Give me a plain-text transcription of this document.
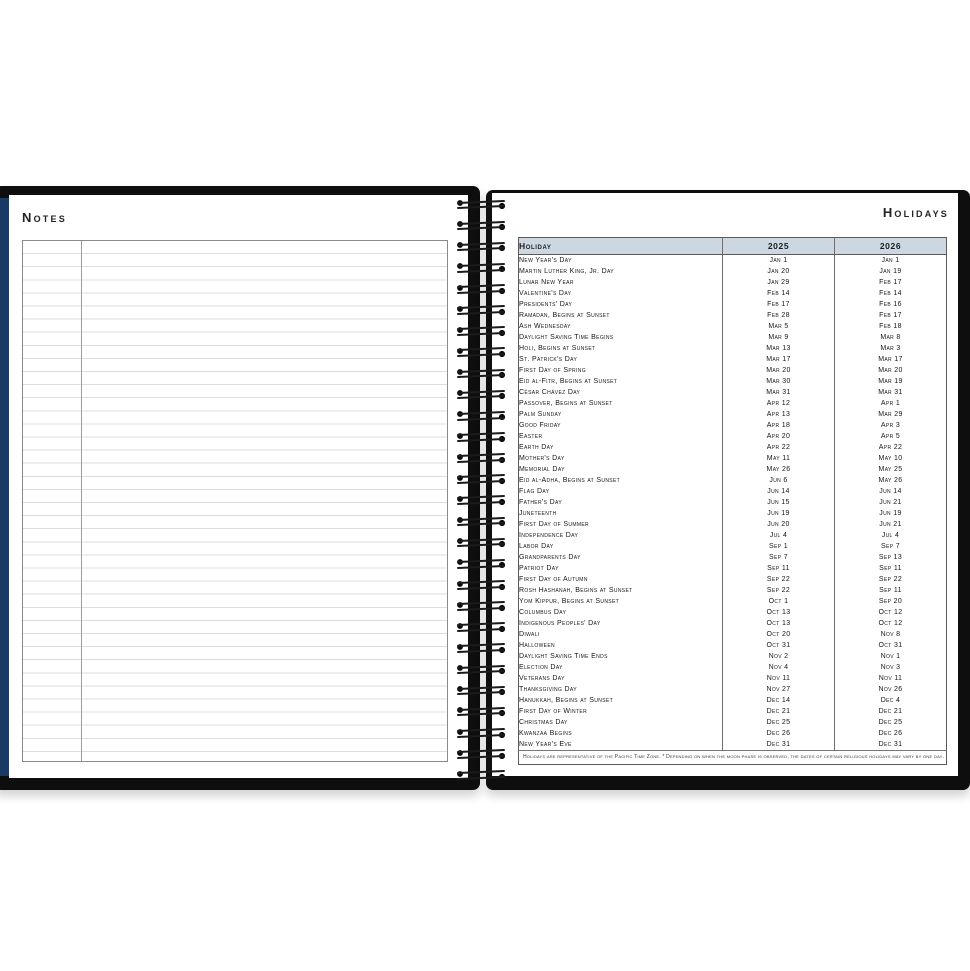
Notes	Holidays
Holiday	2025	2026
New Year's Day	Jan 1	Jan 1
Martin Luther King, Jr. Day	Jan 20	Jan 19
Lunar New Year	Jan 29	Feb 17
Valentine's Day	Feb 14	Feb 14
Presidents' Day	Feb 17	Feb 16
Ramadan, Begins at Sunset	Feb 28	Feb 17
Ash Wednesday	Mar 5	Feb 18
Daylight Saving Time Begins	Mar 9	Mar 8
Holi, Begins at Sunset	Mar 13	Mar 3
St. Patrick's Day	Mar 17	Mar 17
First Day of Spring	Mar 20	Mar 20
Eid al-Fitr, Begins at Sunset	Mar 30	Mar 19
César Chávez Day	Mar 31	Mar 31
Passover, Begins at Sunset	Apr 12	Apr 1
Palm Sunday	Apr 13	Mar 29
Good Friday	Apr 18	Apr 3
Easter	Apr 20	Apr 5
Earth Day	Apr 22	Apr 22
Mother's Day	May 11	May 10
Memorial Day	May 26	May 25
Eid al-Adha, Begins at Sunset	Jun 6	May 26
Flag Day	Jun 14	Jun 14
Father's Day	Jun 15	Jun 21
Juneteenth	Jun 19	Jun 19
First Day of Summer	Jun 20	Jun 21
Independence Day	Jul 4	Jul 4
Labor Day	Sep 1	Sep 7
Grandparents Day	Sep 7	Sep 13
Patriot Day	Sep 11	Sep 11
First Day of Autumn	Sep 22	Sep 22
Rosh Hashanah, Begins at Sunset	Sep 22	Sep 11
Yom Kippur, Begins at Sunset	Oct 1	Sep 20
Columbus Day	Oct 13	Oct 12
Indigenous Peoples' Day	Oct 13	Oct 12
Diwali	Oct 20	Nov 8
Halloween	Oct 31	Oct 31
Daylight Saving Time Ends	Nov 2	Nov 1
Election Day	Nov 4	Nov 3
Veterans Day	Nov 11	Nov 11
Thanksgiving Day	Nov 27	Nov 26
Hanukkah, Begins at Sunset	Dec 14	Dec 4
First Day of Winter	Dec 21	Dec 21
Christmas Day	Dec 25	Dec 25
Kwanzaa Begins	Dec 26	Dec 26
New Year's Eve	Dec 31	Dec 31
Holidays are representative of the Pacific Time Zone. * Depending on when the moon phase is observed, the dates of certain religious holidays may vary by one day.		
